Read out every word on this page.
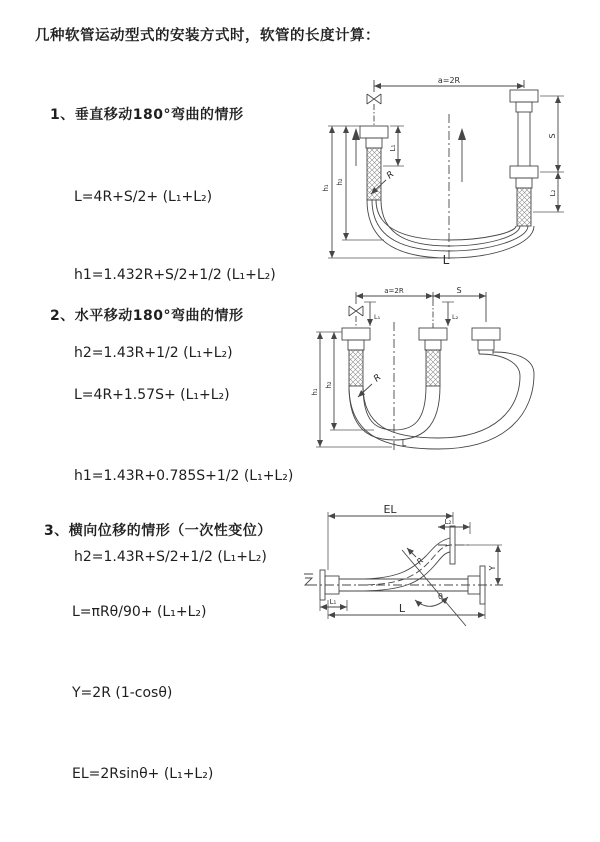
几种软管运动型式的安装方式时，软管的长度计算：
1、垂直移动180°弯曲的情形

L=4R+S/2+ (L₁+L₂)

h1=1.432R+S/2+1/2 (L₁+L₂)

h2=1.43R+1/2 (L₁+L₂)

a=2R
h₁
h₂
L₁
S
L₂
R
L
2、水平移动180°弯曲的情形

L=4R+1.57S+ (L₁+L₂)

h1=1.43R+0.785S+1/2 (L₁+L₂)

h2=1.43R+S/2+1/2 (L₁+L₂)

a=2R	S
h₁
h₂
L₁	L₂
R
L
3、横向位移的情形（一次性变位）

L=πRθ/90+ (L₁+L₂)

Y=2R (1-cosθ)

EL=2Rsinθ+ (L₁+L₂)

EL
L₂
Y
R
θ
L
L₁
